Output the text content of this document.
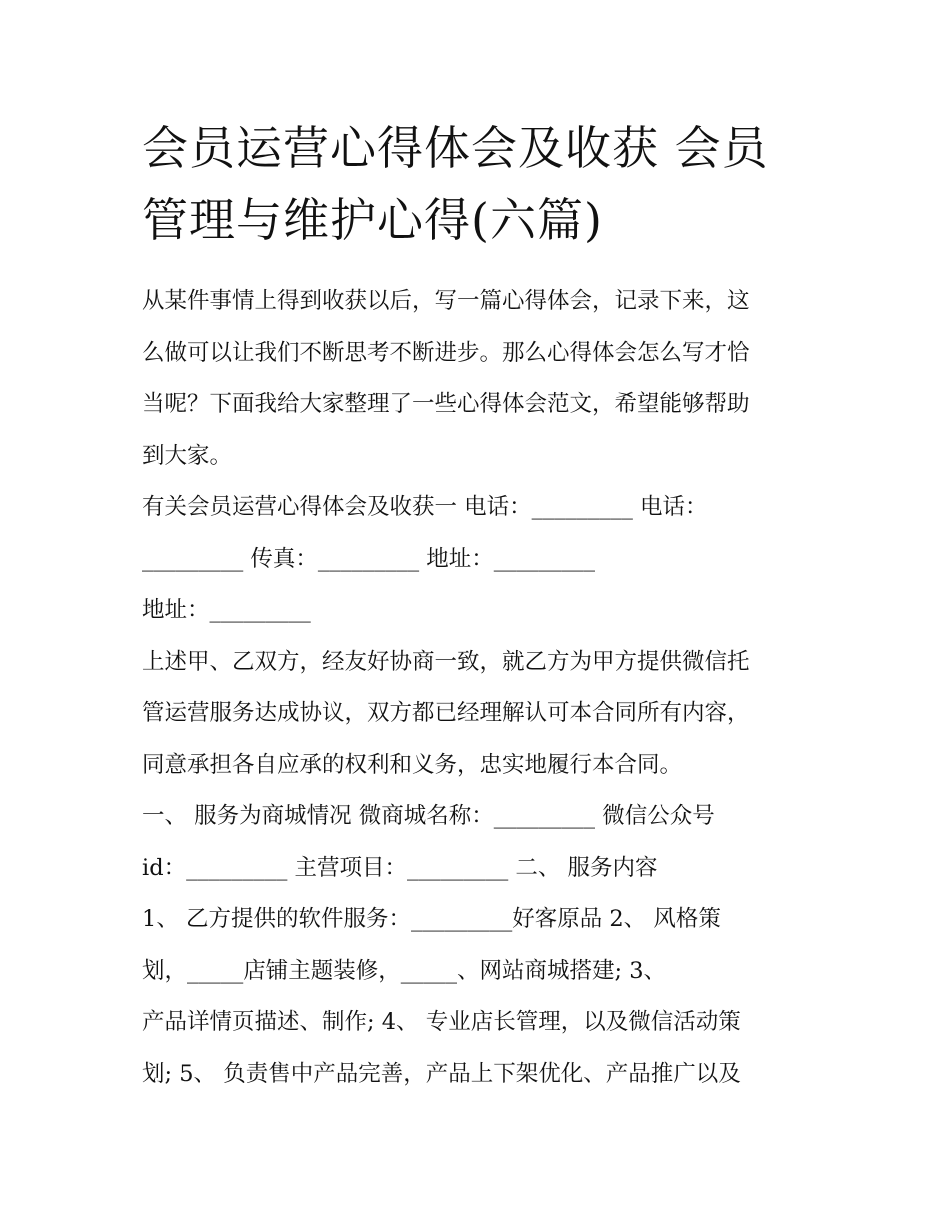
会员运营心得体会及收获 会员
管理与维护心得(六篇)
从某件事情上得到收获以后，写一篇心得体会，记录下来，这
么做可以让我们不断思考不断进步。那么心得体会怎么写才恰
当呢？下面我给大家整理了一些心得体会范文，希望能够帮助
到大家。
有关会员运营心得体会及收获一 电话：_________ 电话：
_________ 传真：_________ 地址：_________
地址：_________
上述甲、乙双方，经友好协商一致，就乙方为甲方提供微信托
管运营服务达成协议，双方都已经理解认可本合同所有内容，
同意承担各自应承的权利和义务，忠实地履行本合同。
一、 服务为商城情况 微商城名称：_________ 微信公众号
id：_________ 主营项目：_________ 二、 服务内容
1、 乙方提供的软件服务：_________好客原品 2、 风格策
划，_____店铺主题装修，_____、网站商城搭建; 3、
产品详情页描述、制作; 4、 专业店长管理，以及微信活动策
划; 5、 负责售中产品完善，产品上下架优化、产品推广以及
